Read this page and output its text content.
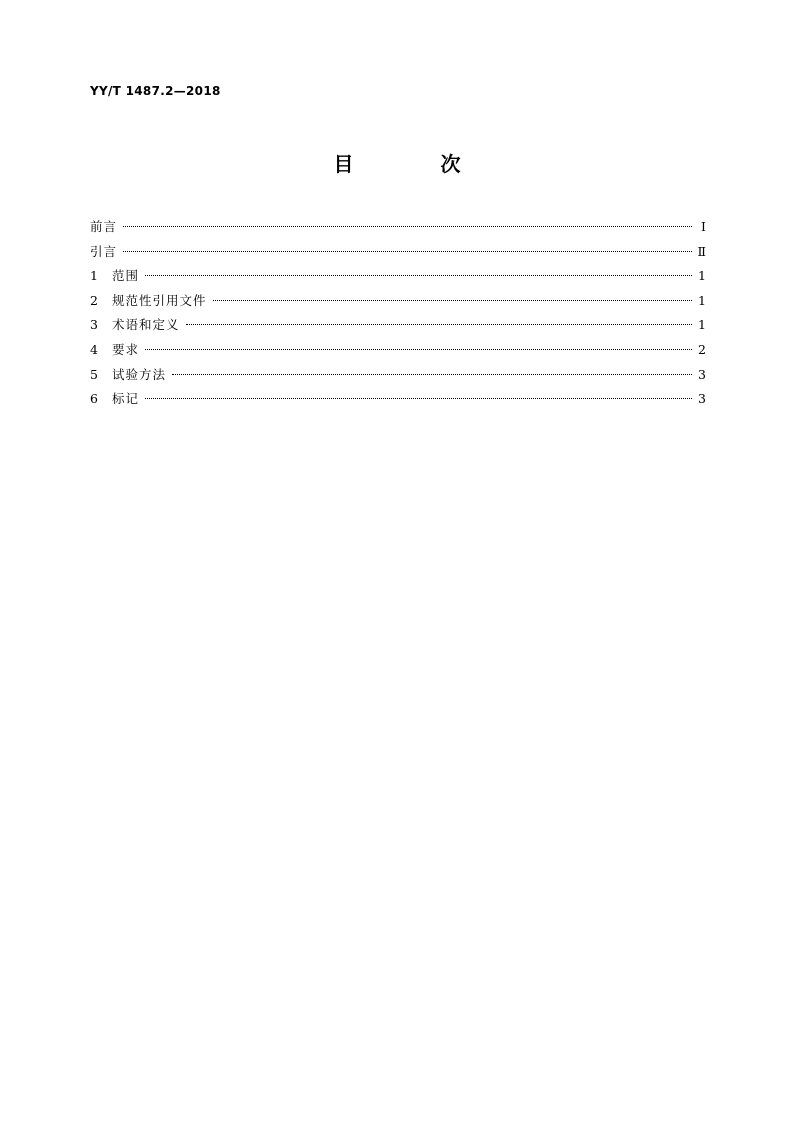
YY/T 1487.2—2018
目 次
前言	Ⅰ
引言	Ⅱ
1	范围	1
2	规范性引用文件	1
3	术语和定义	1
4	要求	2
5	试验方法	3
6	标记	3
